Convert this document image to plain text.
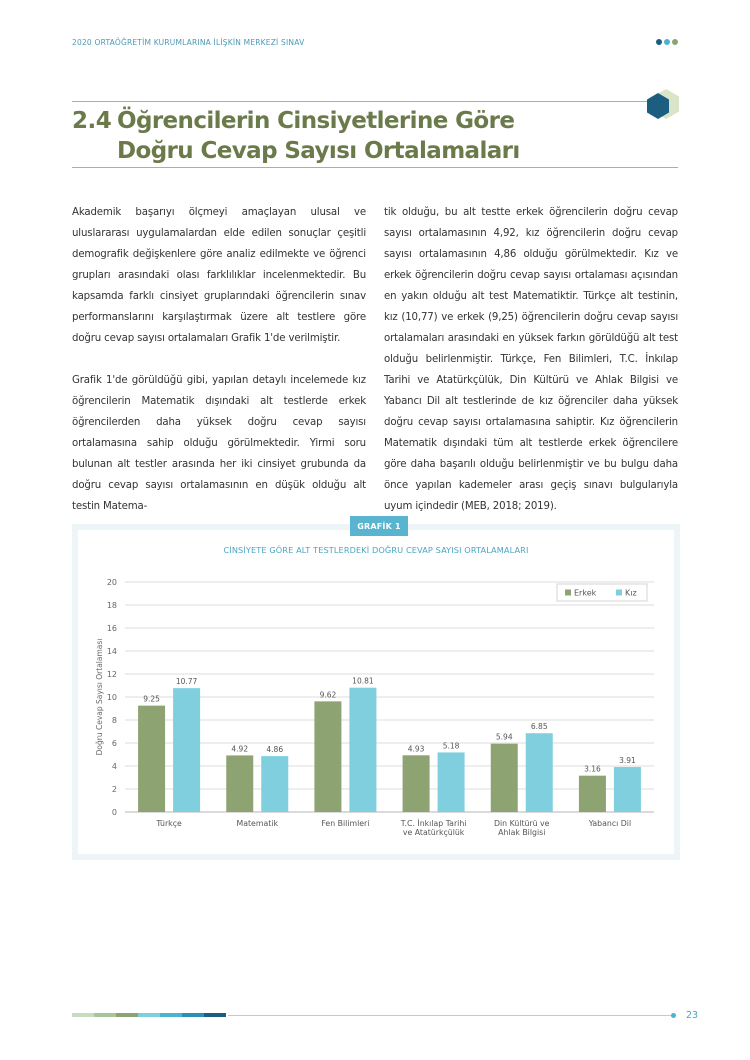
2020 ORTAÖĞRETİM KURUMLARINA İLİŞKİN MERKEZİ SINAV
2.4 Öğrencilerin Cinsiyetlerine Göre
Doğru Cevap Sayısı Ortalamaları

Akademik başarıyı ölçmeyi amaçlayan ulusal ve uluslararası uygulamalardan elde edilen sonuçlar çeşitli demografik değişkenlere göre analiz edilmekte ve öğrenci grupları arasındaki olası farklılıklar incelenmektedir. Bu kapsamda farklı cinsiyet gruplarındaki öğrencilerin sınav performanslarını karşılaştırmak üzere alt testlere göre doğru cevap sayısı ortalamaları Grafik 1'de verilmiştir.

Grafik 1'de görüldüğü gibi, yapılan detaylı incelemede kız öğrencilerin Matematik dışındaki alt testlerde erkek öğrencilerden daha yüksek doğru cevap sayısı ortalamasına sahip olduğu görülmektedir. Yirmi soru bulunan alt testler arasında her iki cinsiyet grubunda da doğru cevap sayısı ortalamasının en düşük olduğu alt testin Matema-

tik olduğu, bu alt testte erkek öğrencilerin doğru cevap sayısı ortalamasının 4,92, kız öğrencilerin doğru cevap sayısı ortalamasının 4,86 olduğu görülmektedir. Kız ve erkek öğrencilerin doğru cevap sayısı ortalaması açısından en yakın olduğu alt test Matematiktir. Türkçe alt testinin, kız (10,77) ve erkek (9,25) öğrencilerin doğru cevap sayısı ortalamaları arasındaki en yüksek farkın görüldüğü alt test olduğu belirlenmiştir. Türkçe, Fen Bilimleri, T.C. İnkılap Tarihi ve Atatürkçülük, Din Kültürü ve Ahlak Bilgisi ve Yabancı Dil alt testlerinde de kız öğrenciler daha yüksek doğru cevap sayısı ortalamasına sahiptir. Kız öğrencilerin Matematik dışındaki tüm alt testlerde erkek öğrencilere göre daha başarılı olduğu belirlenmiştir ve bu bulgu daha önce yapılan kademeler arası geçiş sınavı bulgularıyla uyum içindedir (MEB, 2018; 2019).

GRAFİK 1
CİNSİYETE GÖRE ALT TESTLERDEKİ DOĞRU CEVAP SAYISI ORTALAMALARI
0
2
4
6
8
10
12
14
16
18
20
Doğru Cevap Sayısı Ortalaması	9.25
10.77
Türkçe
4.92 4.86
Matematik
9.62
10.81
Fen Bilimleri
4.93 5.18
T.C. İnkılap Tarihi
ve Atatürkçülük
5.94
6.85
Din Kültürü ve
Ahlak Bilgisi
3.16
3.91
Yabancı Dil
Erkek	Kız
23
